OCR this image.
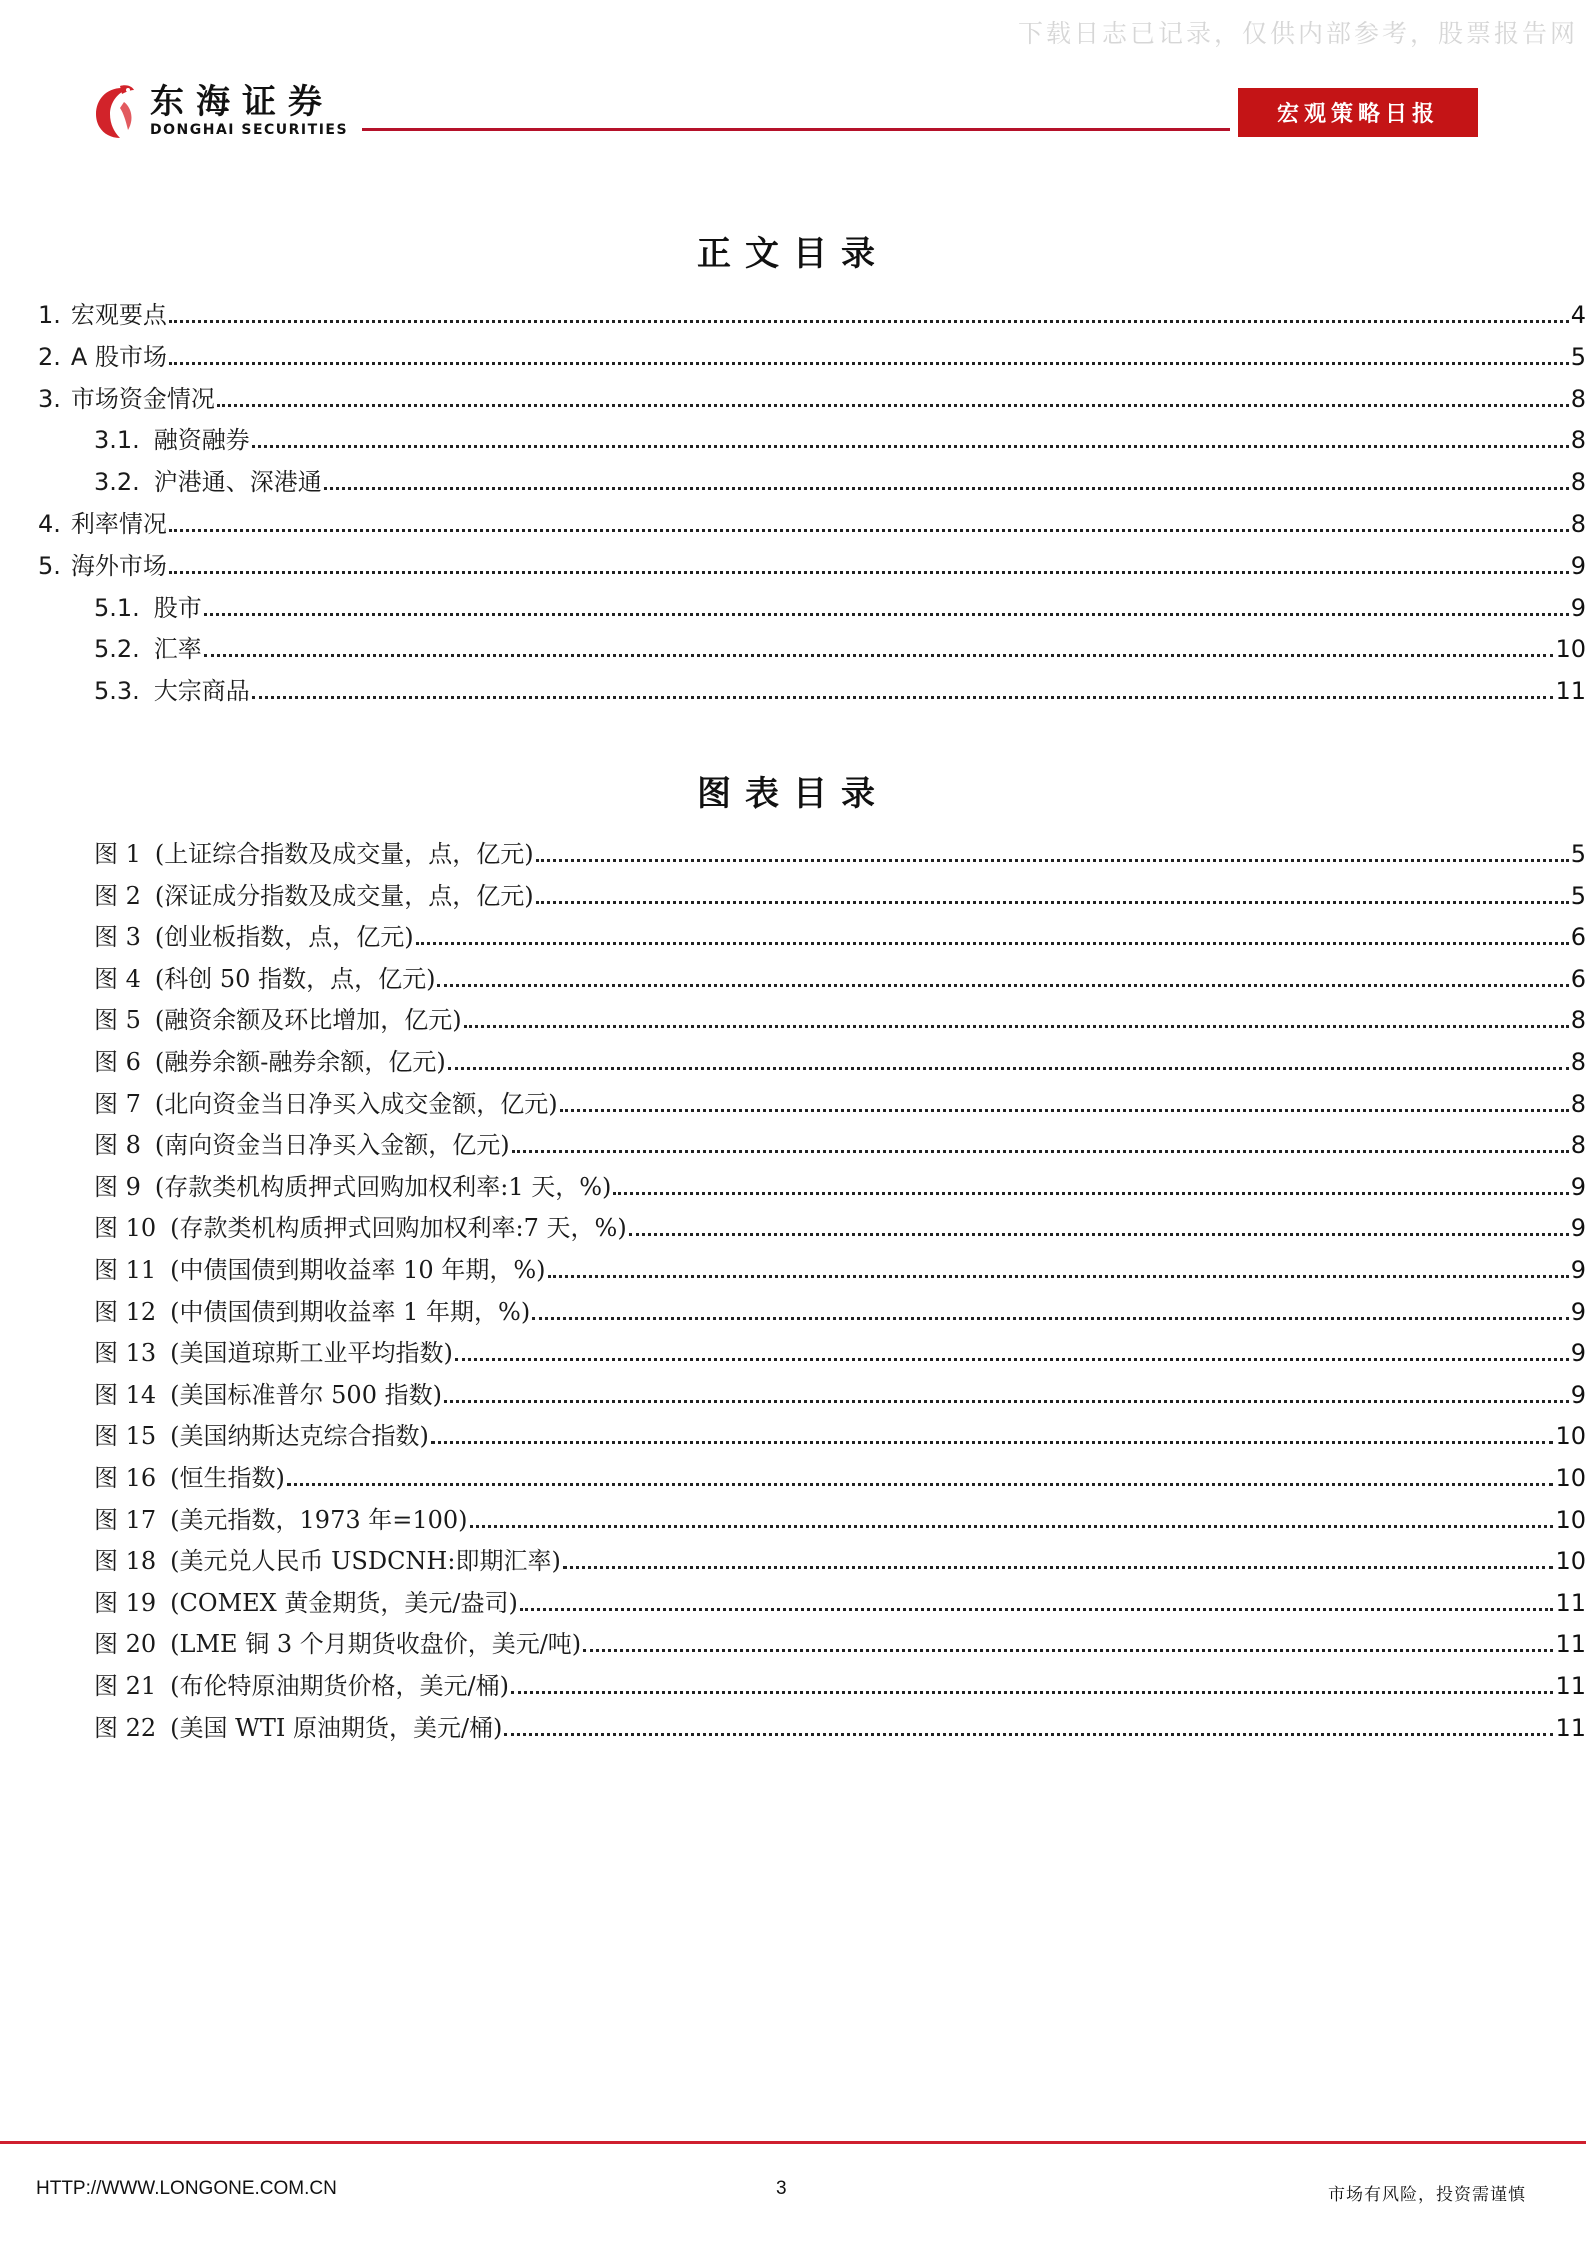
下载日志已记录，仅供内部参考，股票报告网
东海证券
DONGHAI SECURITIES
宏观策略日报
正文目录
1. 宏观要点	4
2. A 股市场	5
3. 市场资金情况	8
3.1. 融资融券	8
3.2. 沪港通、深港通	8
4. 利率情况	8
5. 海外市场	9
5.1. 股市	9
5.2. 汇率	10
5.3. 大宗商品	11
图表目录
图 1 (上证综合指数及成交量，点，亿元)	5
图 2 (深证成分指数及成交量，点，亿元)	5
图 3 (创业板指数，点，亿元)	6
图 4 (科创 50 指数，点，亿元)	6
图 5 (融资余额及环比增加，亿元)	8
图 6 (融券余额-融券余额，亿元)	8
图 7 (北向资金当日净买入成交金额，亿元)	8
图 8 (南向资金当日净买入金额，亿元)	8
图 9 (存款类机构质押式回购加权利率:1 天，%)	9
图 10 (存款类机构质押式回购加权利率:7 天，%)	9
图 11 (中债国债到期收益率 10 年期，%)	9
图 12 (中债国债到期收益率 1 年期，%)	9
图 13 (美国道琼斯工业平均指数)	9
图 14 (美国标准普尔 500 指数)	9
图 15 (美国纳斯达克综合指数)	10
图 16 (恒生指数)	10
图 17 (美元指数，1973 年=100)	10
图 18 (美元兑人民币 USDCNH:即期汇率)	10
图 19 (COMEX 黄金期货，美元/盎司)	11
图 20 (LME 铜 3 个月期货收盘价，美元/吨)	11
图 21 (布伦特原油期货价格，美元/桶)	11
图 22 (美国 WTI 原油期货，美元/桶)	11
HTTP://WWW.LONGONE.COM.CN	3	市场有风险，投资需谨慎
